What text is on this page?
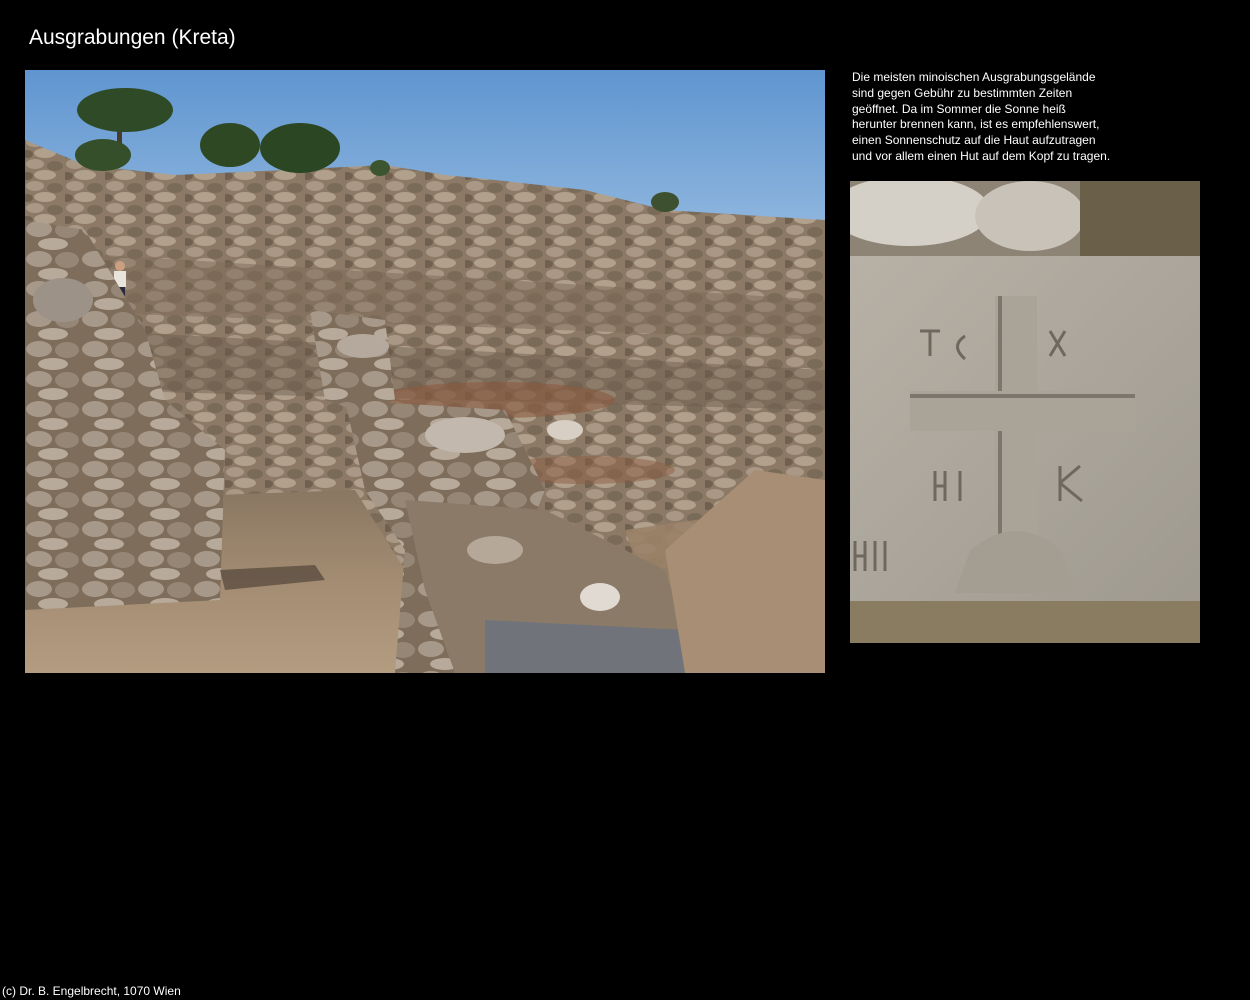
Ausgrabungen (Kreta)
Die meisten minoischen Ausgrabungsgelände
sind gegen Gebühr zu bestimmten Zeiten
geöffnet. Da im Sommer die Sonne heiß
herunter brennen kann, ist es empfehlenswert,
einen Sonnenschutz auf die Haut aufzutragen
und vor allem einen Hut auf dem Kopf zu tragen.
(c) Dr. B. Engelbrecht, 1070 Wien
